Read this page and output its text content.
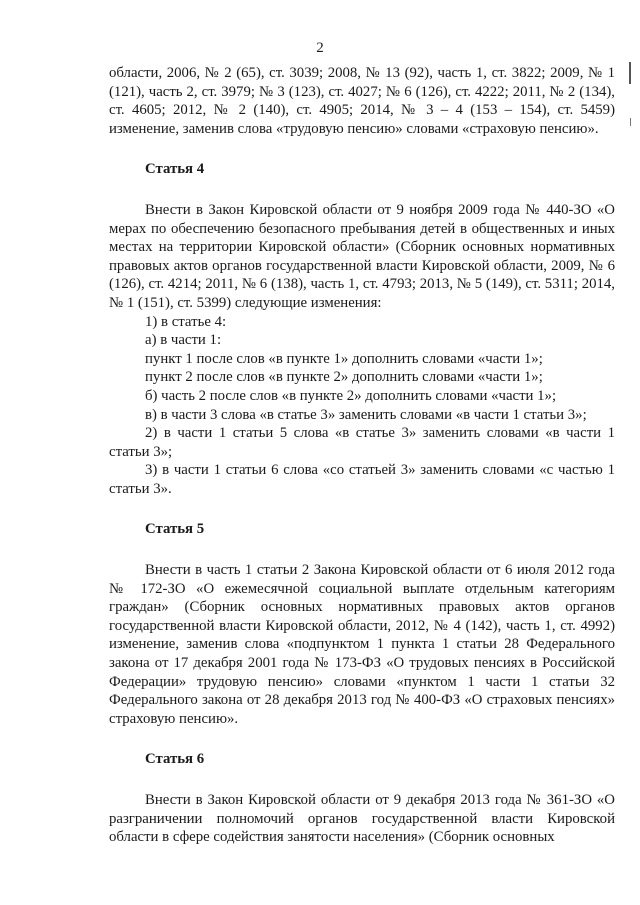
2

области, 2006, № 2 (65), ст. 3039; 2008, № 13 (92), часть 1, ст. 3822; 2009, № 1 (121), часть 2, ст. 3979; № 3 (123), ст. 4027; № 6 (126), ст. 4222; 2011, № 2 (134), ст. 4605; 2012, № 2 (140), ст. 4905; 2014, № 3 – 4 (153 – 154), ст. 5459) изменение, заменив слова «трудовую пенсию» словами «страховую пенсию».

Статья 4

Внести в Закон Кировской области от 9 ноября 2009 года № 440-ЗО «О мерах по обеспечению безопасного пребывания детей в общественных и иных местах на территории Кировской области» (Сборник основных нормативных правовых актов органов государственной власти Кировской области, 2009, № 6 (126), ст. 4214; 2011, № 6 (138), часть 1, ст. 4793; 2013, № 5 (149), ст. 5311; 2014, № 1 (151), ст. 5399) следующие изменения:

1) в статье 4:

а) в части 1:

пункт 1 после слов «в пункте 1» дополнить словами «части 1»;

пункт 2 после слов «в пункте 2» дополнить словами «части 1»;

б) часть 2 после слов «в пункте 2» дополнить словами «части 1»;

в) в части 3 слова «в статье 3» заменить словами «в части 1 статьи 3»;

2) в части 1 статьи 5 слова «в статье 3» заменить словами «в части 1 статьи 3»;

3) в части 1 статьи 6 слова «со статьей 3» заменить словами «с частью 1 статьи 3».

Статья 5

Внести в часть 1 статьи 2 Закона Кировской области от 6 июля 2012 года № 172-ЗО «О ежемесячной социальной выплате отдельным категориям граждан» (Сборник основных нормативных правовых актов органов государственной власти Кировской области, 2012, № 4 (142), часть 1, ст. 4992) изменение, заменив слова «подпунктом 1 пункта 1 статьи 28 Федерального закона от 17 декабря 2001 года № 173-ФЗ «О трудовых пенсиях в Российской Федерации» трудовую пенсию» словами «пунктом 1 части 1 статьи 32 Федерального закона от 28 декабря 2013 год № 400-ФЗ «О страховых пенсиях» страховую пенсию».

Статья 6

Внести в Закон Кировской области от 9 декабря 2013 года № 361-ЗО «О разграничении полномочий органов государственной власти Кировской области в сфере содействия занятости населения» (Сборник основных
